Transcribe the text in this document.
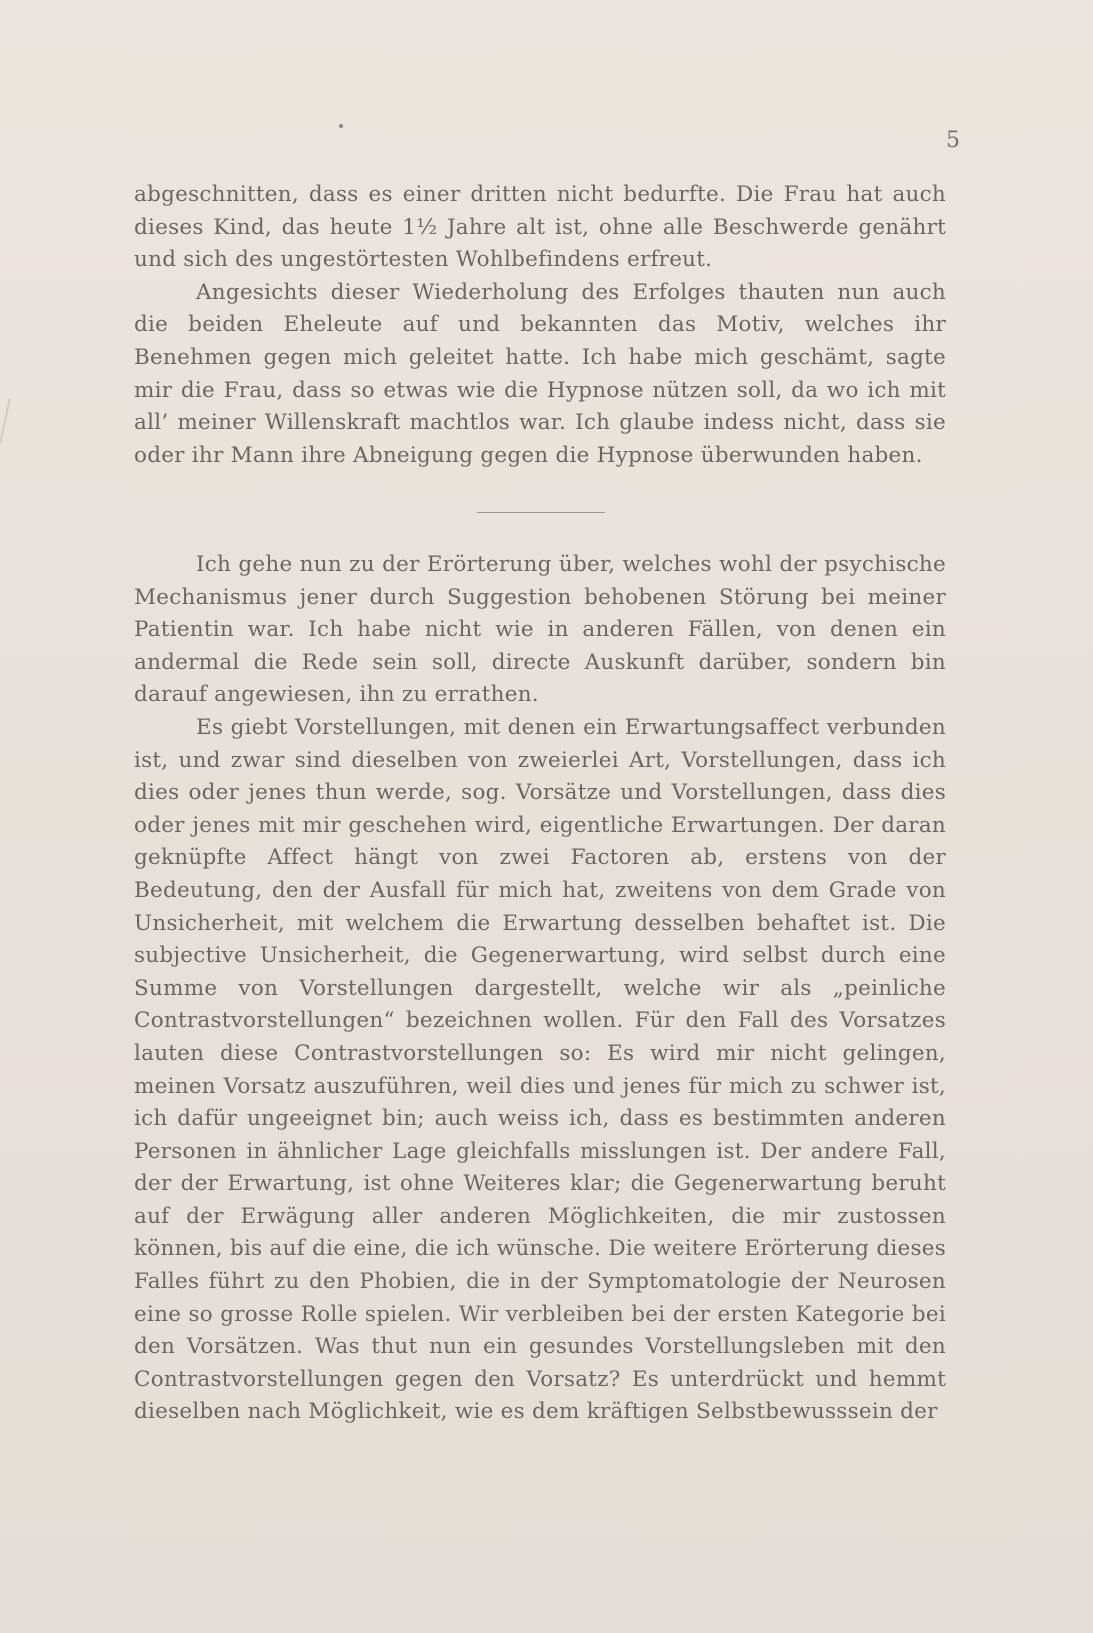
5

abgeschnitten, dass es einer dritten nicht bedurfte. Die Frau hat auch dieses Kind, das heute 1½ Jahre alt ist, ohne alle Beschwerde genährt und sich des ungestörtesten Wohlbefindens erfreut.

Angesichts dieser Wiederholung des Erfolges thauten nun auch die beiden Eheleute auf und bekannten das Motiv, welches ihr Benehmen gegen mich geleitet hatte. Ich habe mich geschämt, sagte mir die Frau, dass so etwas wie die Hypnose nützen soll, da wo ich mit all’ meiner Willenskraft machtlos war. Ich glaube indess nicht, dass sie oder ihr Mann ihre Abneigung gegen die Hypnose überwunden haben.

Ich gehe nun zu der Erörterung über, welches wohl der psychische Mechanismus jener durch Suggestion behobenen Störung bei meiner Patientin war. Ich habe nicht wie in anderen Fällen, von denen ein andermal die Rede sein soll, directe Auskunft darüber, sondern bin darauf angewiesen, ihn zu errathen.

Es giebt Vorstellungen, mit denen ein Erwartungsaffect verbunden ist, und zwar sind dieselben von zweierlei Art, Vorstellungen, dass ich dies oder jenes thun werde, sog. Vorsätze und Vorstellungen, dass dies oder jenes mit mir geschehen wird, eigentliche Erwartungen. Der daran geknüpfte Affect hängt von zwei Factoren ab, erstens von der Bedeutung, den der Ausfall für mich hat, zweitens von dem Grade von Unsicherheit, mit welchem die Erwartung desselben behaftet ist. Die subjective Unsicherheit, die Gegenerwartung, wird selbst durch eine Summe von Vorstellungen dargestellt, welche wir als „peinliche Contrastvorstellungen“ bezeichnen wollen. Für den Fall des Vorsatzes lauten diese Contrastvorstellungen so: Es wird mir nicht gelingen, meinen Vorsatz auszuführen, weil dies und jenes für mich zu schwer ist, ich dafür ungeeignet bin; auch weiss ich, dass es bestimmten anderen Personen in ähnlicher Lage gleichfalls misslungen ist. Der andere Fall, der der Erwartung, ist ohne Weiteres klar; die Gegenerwartung beruht auf der Erwägung aller anderen Möglichkeiten, die mir zustossen können, bis auf die eine, die ich wünsche. Die weitere Erörterung dieses Falles führt zu den Phobien, die in der Symptomatologie der Neurosen eine so grosse Rolle spielen. Wir verbleiben bei der ersten Kategorie bei den Vorsätzen. Was thut nun ein gesundes Vorstellungsleben mit den Contrastvorstellungen gegen den Vorsatz? Es unterdrückt und hemmt dieselben nach Möglichkeit, wie es dem kräftigen Selbstbewusssein der
